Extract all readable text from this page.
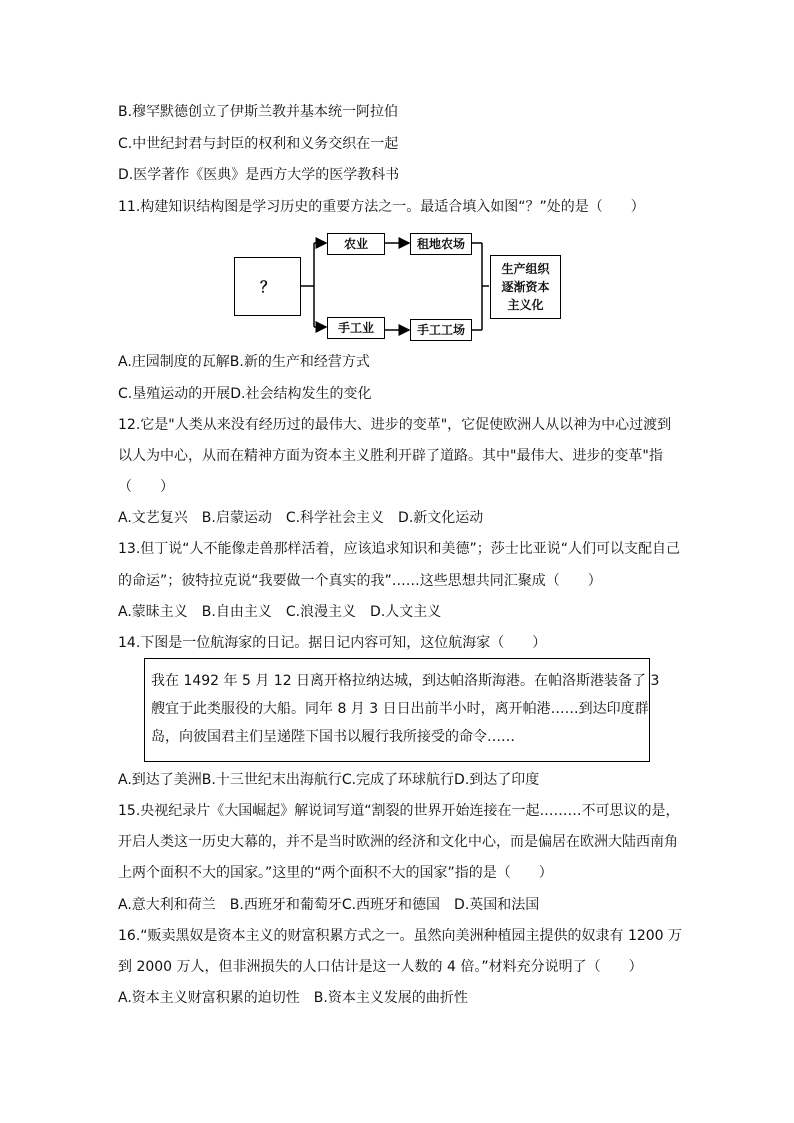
B.穆罕默德创立了伊斯兰教并基本统一阿拉伯
C.中世纪封君与封臣的权利和义务交织在一起
D.医学著作《医典》是西方大学的医学教科书
11.构建知识结构图是学习历史的重要方法之一。最适合填入如图“？”处的是（　　）
？
农业
手工业
租地农场
手工工场
生产组织
逐渐资本
主义化
A.庄园制度的瓦解B.新的生产和经营方式
C.垦殖运动的开展D.社会结构发生的变化
12.它是"人类从来没有经历过的最伟大、进步的变革"，它促使欧洲人从以神为中心过渡到
以人为中心，从而在精神方面为资本主义胜利开辟了道路。其中"最伟大、进步的变革"指
（　　）
A.文艺复兴　B.启蒙运动　C.科学社会主义　D.新文化运动
13.但丁说“人不能像走兽那样活着，应该追求知识和美德”；莎士比亚说“人们可以支配自己
的命运”；彼特拉克说“我要做一个真实的我”……这些思想共同汇聚成（　　）
A.蒙昧主义　B.自由主义　C.浪漫主义　D.人文主义
14.下图是一位航海家的日记。据日记内容可知，这位航海家（　　）

我在 1492 年 5 月 12 日离开格拉纳达城，到达帕洛斯海港。在帕洛斯港装备了 3

艘宜于此类服役的大船。同年 8 月 3 日日出前半小时，离开帕港……到达印度群

岛，向彼国君主们呈递陛下国书以履行我所接受的命令……

A.到达了美洲B.十三世纪末出海航行C.完成了环球航行D.到达了印度
15.央视纪录片《大国崛起》解说词写道“割裂的世界开始连接在一起………不可思议的是，
开启人类这一历史大幕的，并不是当时欧洲的经济和文化中心，而是偏居在欧洲大陆西南角
上两个面积不大的国家。”这里的“两个面积不大的国家”指的是（　　）
A.意大利和荷兰　B.西班牙和葡萄牙C.西班牙和德国　D.英国和法国
16.“贩卖黑奴是资本主义的财富积累方式之一。虽然向美洲种植园主提供的奴隶有 1200 万
到 2000 万人，但非洲损失的人口估计是这一人数的 4 倍。”材料充分说明了（　　）
A.资本主义财富积累的迫切性　B.资本主义发展的曲折性
